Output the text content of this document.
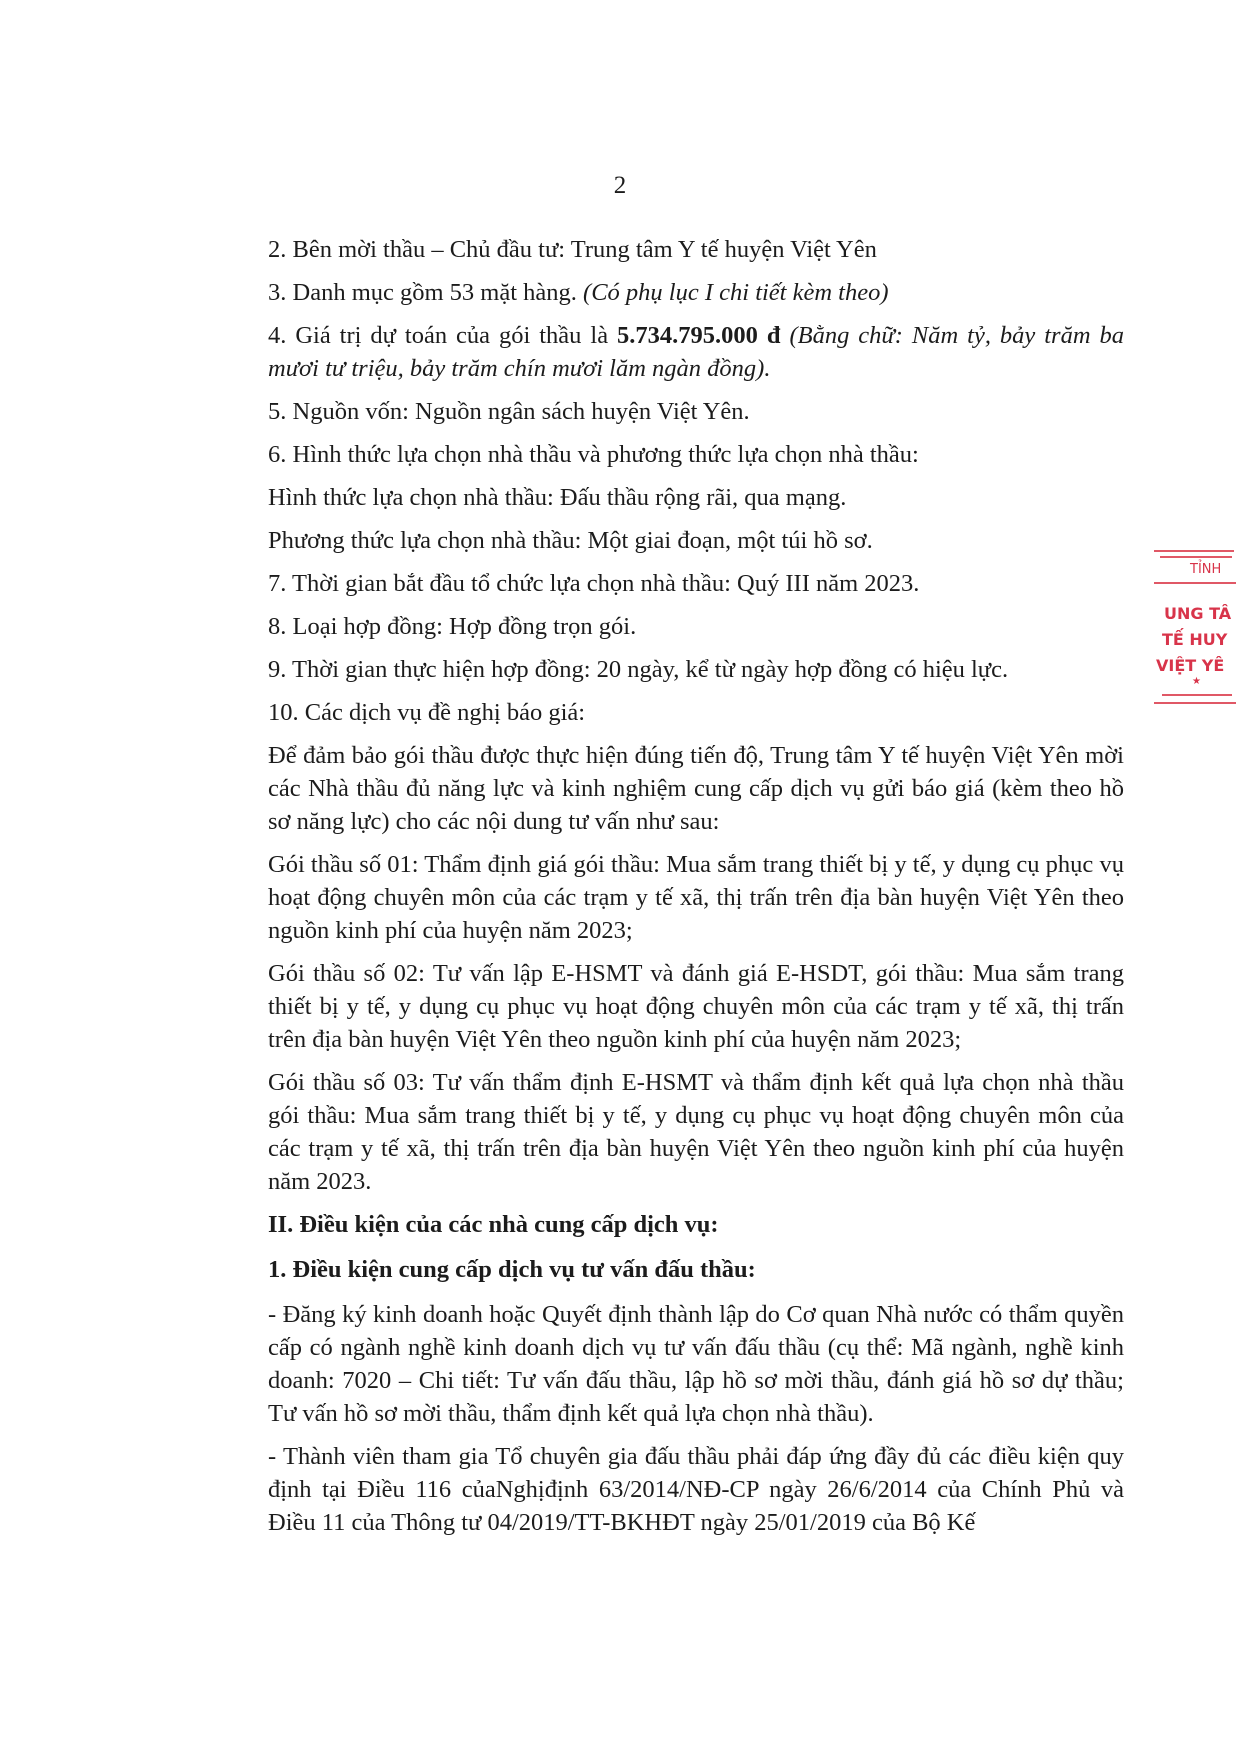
2

2. Bên mời thầu – Chủ đầu tư: Trung tâm Y tế huyện Việt Yên

3. Danh mục gồm 53 mặt hàng. (Có phụ lục I chi tiết kèm theo)

4. Giá trị dự toán của gói thầu là 5.734.795.000 đ (Bằng chữ: Năm tỷ, bảy trăm ba mươi tư triệu, bảy trăm chín mươi lăm ngàn đồng).

5. Nguồn vốn: Nguồn ngân sách huyện Việt Yên.

6. Hình thức lựa chọn nhà thầu và phương thức lựa chọn nhà thầu:

Hình thức lựa chọn nhà thầu: Đấu thầu rộng rãi, qua mạng.

Phương thức lựa chọn nhà thầu: Một giai đoạn, một túi hồ sơ.

7. Thời gian bắt đầu tổ chức lựa chọn nhà thầu: Quý III năm 2023.

8. Loại hợp đồng: Hợp đồng trọn gói.

9. Thời gian thực hiện hợp đồng: 20 ngày, kể từ ngày hợp đồng có hiệu lực.

10. Các dịch vụ đề nghị báo giá:

Để đảm bảo gói thầu được thực hiện đúng tiến độ, Trung tâm Y tế huyện Việt Yên mời các Nhà thầu đủ năng lực và kinh nghiệm cung cấp dịch vụ gửi báo giá (kèm theo hồ sơ năng lực) cho các nội dung tư vấn như sau:

Gói thầu số 01: Thẩm định giá gói thầu: Mua sắm trang thiết bị y tế, y dụng cụ phục vụ hoạt động chuyên môn của các trạm y tế xã, thị trấn trên địa bàn huyện Việt Yên theo nguồn kinh phí của huyện năm 2023;

Gói thầu số 02: Tư vấn lập E-HSMT và đánh giá E-HSDT, gói thầu: Mua sắm trang thiết bị y tế, y dụng cụ phục vụ hoạt động chuyên môn của các trạm y tế xã, thị trấn trên địa bàn huyện Việt Yên theo nguồn kinh phí của huyện năm 2023;

Gói thầu số 03: Tư vấn thẩm định E-HSMT và thẩm định kết quả lựa chọn nhà thầu gói thầu: Mua sắm trang thiết bị y tế, y dụng cụ phục vụ hoạt động chuyên môn của các trạm y tế xã, thị trấn trên địa bàn huyện Việt Yên theo nguồn kinh phí của huyện năm 2023.

II. Điều kiện của các nhà cung cấp dịch vụ:

1. Điều kiện cung cấp dịch vụ tư vấn đấu thầu:

- Đăng ký kinh doanh hoặc Quyết định thành lập do Cơ quan Nhà nước có thẩm quyền cấp có ngành nghề kinh doanh dịch vụ tư vấn đấu thầu (cụ thể: Mã ngành, nghề kinh doanh: 7020 – Chi tiết: Tư vấn đấu thầu, lập hồ sơ mời thầu, đánh giá hồ sơ dự thầu; Tư vấn hồ sơ mời thầu, thẩm định kết quả lựa chọn nhà thầu).

- Thành viên tham gia Tổ chuyên gia đấu thầu phải đáp ứng đầy đủ các điều kiện quy định tại Điều 116 củaNghịđịnh 63/2014/NĐ-CP ngày 26/6/2014 của Chính Phủ và Điều 11 của Thông tư 04/2019/TT-BKHĐT ngày 25/01/2019 của Bộ Kế

TỈNH
UNG TÂ
TẾ HUY
VIỆT YÊ
★
